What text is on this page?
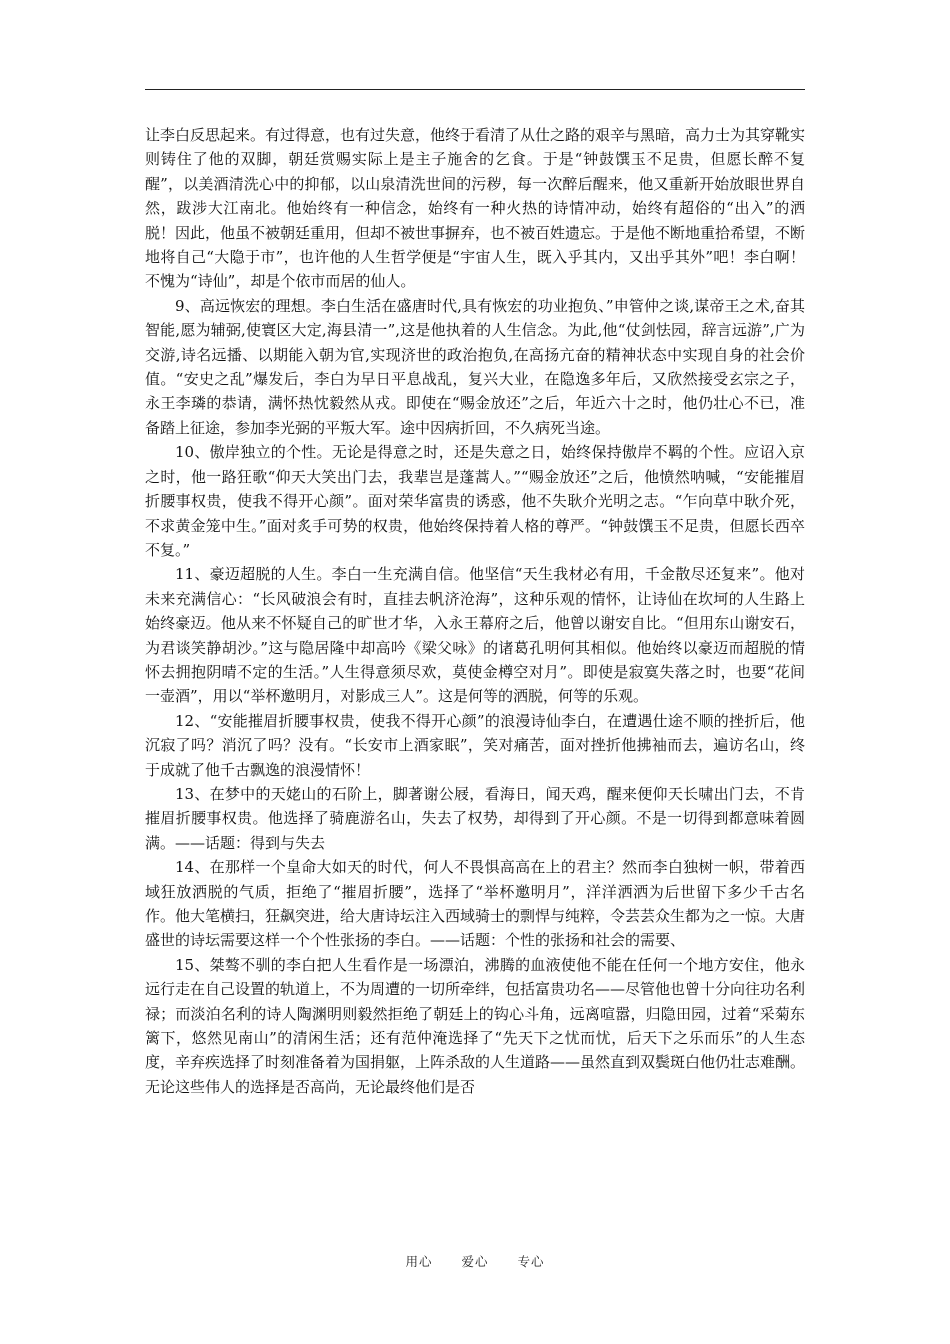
让李白反思起来。有过得意，也有过失意，他终于看清了从仕之路的艰辛与黑暗，高力士为其穿靴实则铸住了他的双脚，朝廷赏赐实际上是主子施舍的乞食。于是“钟鼓馔玉不足贵，但愿长醉不复醒”，以美酒清洗心中的抑郁，以山泉清洗世间的污秽，每一次醉后醒来，他又重新开始放眼世界自然，跋涉大江南北。他始终有一种信念，始终有一种火热的诗情冲动，始终有超俗的“出入”的洒脱！因此，他虽不被朝廷重用，但却不被世事摒弃，也不被百姓遗忘。于是他不断地重拾希望，不断地将自己“大隐于市”，也许他的人生哲学便是“宇宙人生，既入乎其内，又出乎其外”吧！李白啊！不愧为“诗仙”，却是个依市而居的仙人。

9、高远恢宏的理想。李白生活在盛唐时代,具有恢宏的功业抱负、”申管仲之谈,谋帝王之术,奋其智能,愿为辅弼,使寰区大定,海县清一”,这是他执着的人生信念。为此,他“仗剑怯园，辞言远游”,广为交游,诗名远播、以期能入朝为官,实现济世的政治抱负,在高扬亢奋的精神状态中实现自身的社会价值。“安史之乱”爆发后，李白为早日平息战乱，复兴大业，在隐逸多年后，又欣然接受玄宗之子，永王李璘的恭请，满怀热忱毅然从戎。即使在“赐金放还”之后，年近六十之时，他仍壮心不已，准备踏上征途，参加李光弼的平叛大军。途中因病折回，不久病死当途。

10、傲岸独立的个性。无论是得意之时，还是失意之日，始终保持傲岸不羁的个性。应诏入京之时，他一路狂歌“仰天大笑出门去，我辈岂是蓬蒿人。”“赐金放还”之后，他愤然呐喊，“安能摧眉折腰事权贵，使我不得开心颜”。面对荣华富贵的诱惑，他不失耿介光明之志。“乍向草中耿介死，不求黄金笼中生。”面对炙手可势的权贵，他始终保持着人格的尊严。“钟鼓馔玉不足贵，但愿长西卒不复。”

11、豪迈超脱的人生。李白一生充满自信。他坚信“天生我材必有用，千金散尽还复来”。他对未来充满信心：“长风破浪会有时，直挂去帆济沧海”，这种乐观的情怀，让诗仙在坎坷的人生路上始终豪迈。他从来不怀疑自己的旷世才华，入永王幕府之后，他曾以谢安自比。“但用东山谢安石，为君谈笑静胡沙。”这与隐居隆中却高吟《梁父咏》的诸葛孔明何其相似。他始终以豪迈而超脱的情怀去拥抱阴晴不定的生活。”人生得意须尽欢，莫使金樽空对月”。即使是寂寞失落之时，也要“花间一壶酒”，用以“举杯邀明月，对影成三人”。这是何等的洒脱，何等的乐观。

12、“安能摧眉折腰事权贵，使我不得开心颜”的浪漫诗仙李白，在遭遇仕途不顺的挫折后，他沉寂了吗？消沉了吗？没有。“长安市上酒家眠”，笑对痛苦，面对挫折他拂袖而去，遍访名山，终于成就了他千古飘逸的浪漫情怀！

13、在梦中的天姥山的石阶上，脚著谢公屐，看海日，闻天鸡，醒来便仰天长啸出门去，不肯摧眉折腰事权贵。他选择了骑鹿游名山，失去了权势，却得到了开心颜。不是一切得到都意味着圆满。——话题：得到与失去

14、在那样一个皇命大如天的时代，何人不畏惧高高在上的君主？然而李白独树一帜，带着西域狂放洒脱的气质，拒绝了“摧眉折腰”，选择了“举杯邀明月”，洋洋洒洒为后世留下多少千古名作。他大笔横扫，狂飙突进，给大唐诗坛注入西域骑士的剽悍与纯粹，令芸芸众生都为之一惊。大唐盛世的诗坛需要这样一个个性张扬的李白。——话题：个性的张扬和社会的需要、

15、桀骜不驯的李白把人生看作是一场漂泊，沸腾的血液使他不能在任何一个地方安住，他永远行走在自己设置的轨道上，不为周遭的一切所牵绊，包括富贵功名——尽管他也曾十分向往功名利禄；而淡泊名利的诗人陶渊明则毅然拒绝了朝廷上的钩心斗角，远离喧嚣，归隐田园，过着“采菊东篱下，悠然见南山”的清闲生活；还有范仲淹选择了“先天下之忧而忧，后天下之乐而乐”的人生态度，辛弃疾选择了时刻准备着为国捐躯，上阵杀敌的人生道路——虽然直到双鬓斑白他仍壮志难酬。无论这些伟人的选择是否高尚，无论最终他们是否

用心 爱心 专心
